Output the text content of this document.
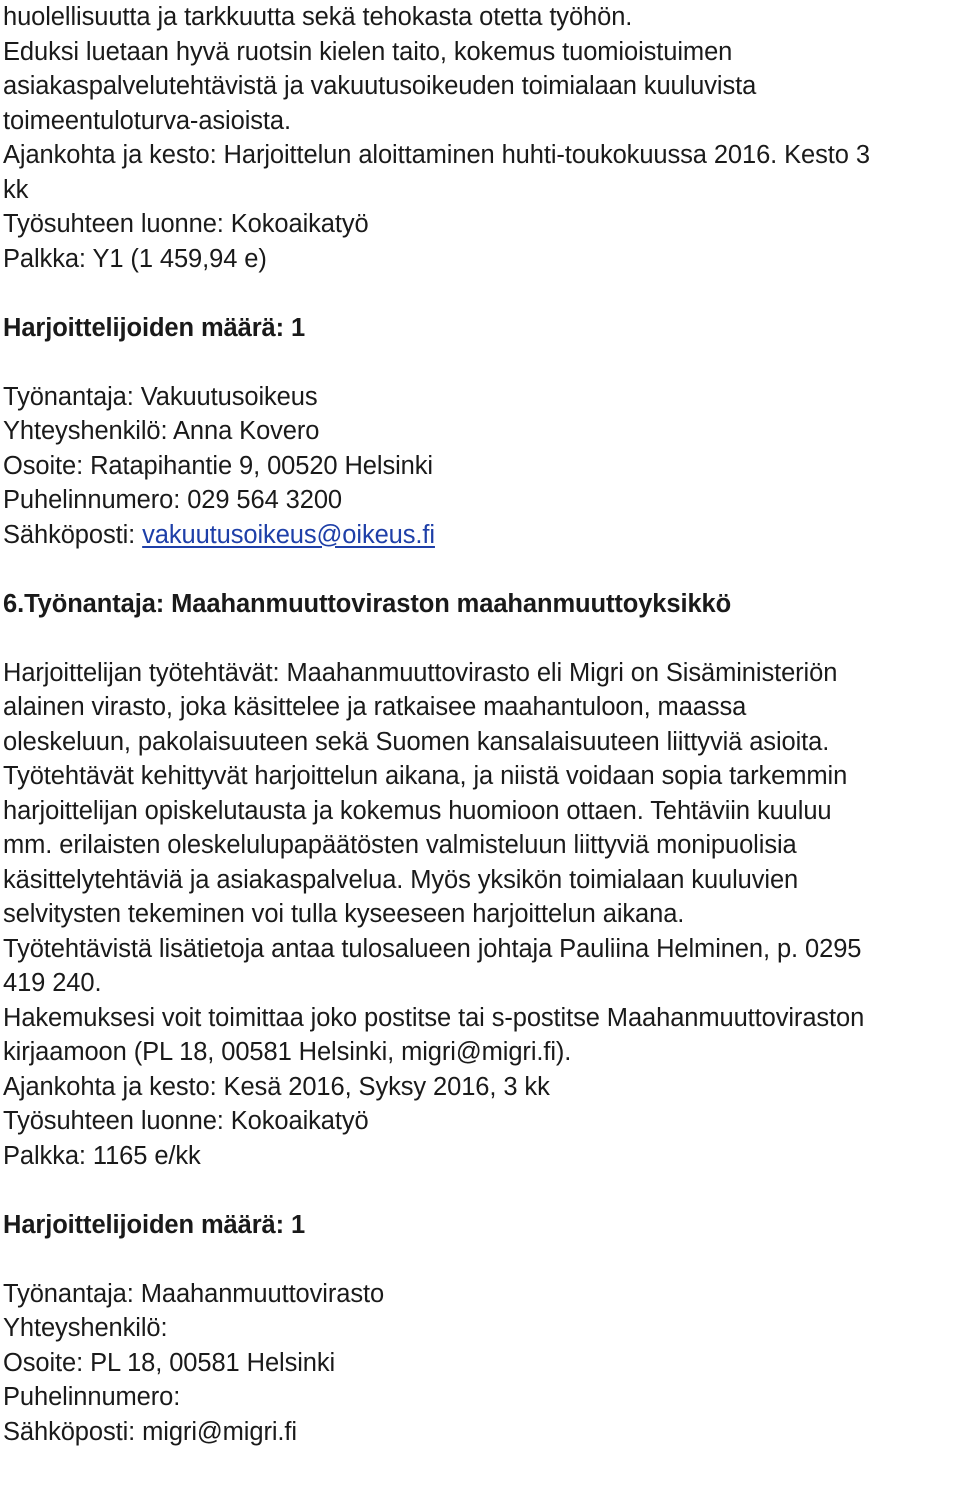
huolellisuutta ja tarkkuutta sekä tehokasta otetta työhön.
Eduksi luetaan hyvä ruotsin kielen taito, kokemus tuomioistuimen
asiakaspalvelutehtävistä ja vakuutusoikeuden toimialaan kuuluvista
toimeentuloturva-asioista.
Ajankohta ja kesto: Harjoittelun aloittaminen huhti-toukokuussa 2016. Kesto 3
kk
Työsuhteen luonne: Kokoaikatyö
Palkka: Y1 (1 459,94 e)
Harjoittelijoiden määrä: 1
Työnantaja: Vakuutusoikeus
Yhteyshenkilö: Anna Kovero
Osoite: Ratapihantie 9, 00520 Helsinki
Puhelinnumero: 029 564 3200
Sähköposti: vakuutusoikeus@oikeus.fi
6.Työnantaja: Maahanmuuttoviraston maahanmuuttoyksikkö
Harjoittelijan työtehtävät: Maahanmuuttovirasto eli Migri on Sisäministeriön
alainen virasto, joka käsittelee ja ratkaisee maahantuloon, maassa
oleskeluun, pakolaisuuteen sekä Suomen kansalaisuuteen liittyviä asioita.
Työtehtävät kehittyvät harjoittelun aikana, ja niistä voidaan sopia tarkemmin
harjoittelijan opiskelutausta ja kokemus huomioon ottaen. Tehtäviin kuuluu
mm. erilaisten oleskelulupapäätösten valmisteluun liittyviä monipuolisia
käsittelytehtäviä ja asiakaspalvelua. Myös yksikön toimialaan kuuluvien
selvitysten tekeminen voi tulla kyseeseen harjoittelun aikana.
Työtehtävistä lisätietoja antaa tulosalueen johtaja Pauliina Helminen, p. 0295
419 240.
Hakemuksesi voit toimittaa joko postitse tai s-postitse Maahanmuuttoviraston
kirjaamoon (PL 18, 00581 Helsinki, migri@migri.fi).
Ajankohta ja kesto: Kesä 2016, Syksy 2016, 3 kk
Työsuhteen luonne: Kokoaikatyö
Palkka: 1165 e/kk
Harjoittelijoiden määrä: 1
Työnantaja: Maahanmuuttovirasto
Yhteyshenkilö:
Osoite: PL 18, 00581 Helsinki
Puhelinnumero:
Sähköposti: migri@migri.fi
